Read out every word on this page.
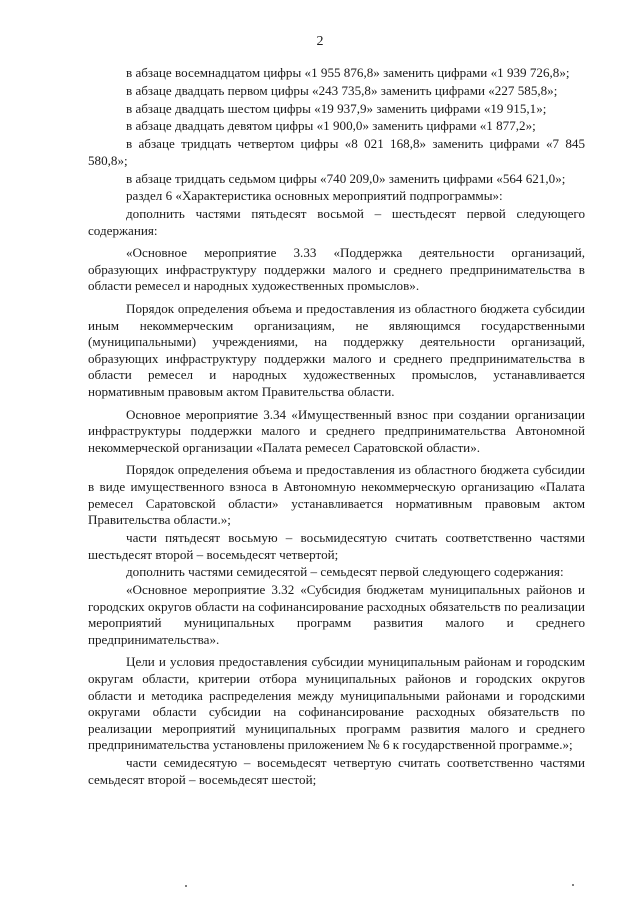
2

в абзаце восемнадцатом цифры «1 955 876,8» заменить цифрами «1 939 726,8»;

в абзаце двадцать первом цифры «243 735,8» заменить цифрами «227 585,8»;

в абзаце двадцать шестом цифры «19 937,9» заменить цифрами «19 915,1»;

в абзаце двадцать девятом цифры «1 900,0» заменить цифрами «1 877,2»;

в абзаце тридцать четвертом цифры «8 021 168,8» заменить цифрами «7 845 580,8»;

в абзаце тридцать седьмом цифры «740 209,0» заменить цифрами «564 621,0»;

раздел 6 «Характеристика основных мероприятий подпрограммы»:

дополнить частями пятьдесят восьмой – шестьдесят первой следующего содержания:

«Основное мероприятие 3.33 «Поддержка деятельности организаций, образующих инфраструктуру поддержки малого и среднего предпринимательства в области ремесел и народных художественных промыслов».

Порядок определения объема и предоставления из областного бюджета субсидии иным некоммерческим организациям, не являющимся государственными (муниципальными) учреждениями, на поддержку деятельности организаций, образующих инфраструктуру поддержки малого и среднего предпринимательства в области ремесел и народных художественных промыслов, устанавливается нормативным правовым актом Правительства области.

Основное мероприятие 3.34 «Имущественный взнос при создании организации инфраструктуры поддержки малого и среднего предпринимательства Автономной некоммерческой организации «Палата ремесел Саратовской области».

Порядок определения объема и предоставления из областного бюджета субсидии в виде имущественного взноса в Автономную некоммерческую организацию «Палата ремесел Саратовской области» устанавливается нормативным правовым актом Правительства области.»;

части пятьдесят восьмую – восьмидесятую считать соответственно частями шестьдесят второй – восемьдесят четвертой;

дополнить частями семидесятой – семьдесят первой следующего содержания:

«Основное мероприятие 3.32 «Субсидия бюджетам муниципальных районов и городских округов области на софинансирование расходных обязательств по реализации мероприятий муниципальных программ развития малого и среднего предпринимательства».

Цели и условия предоставления субсидии муниципальным районам и городским округам области, критерии отбора муниципальных районов и городских округов области и методика распределения между муниципальными районами и городскими округами области субсидии на софинансирование расходных обязательств по реализации мероприятий муниципальных программ развития малого и среднего предпринимательства установлены приложением № 6 к государственной программе.»;

части семидесятую – восемьдесят четвертую считать соответственно частями семьдесят второй – восемьдесят шестой;
